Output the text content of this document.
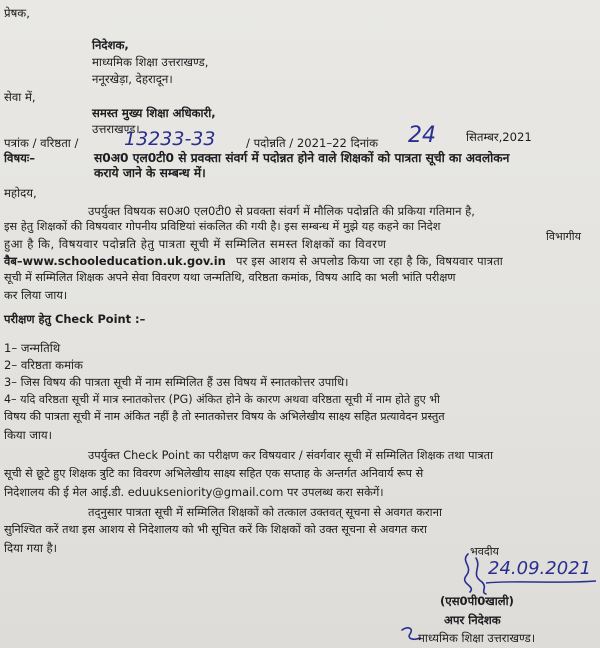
प्रेषक,
निदेशक,
माध्यमिक शिक्षा उत्तराखण्ड,
ननूरखेड़ा, देहरादून।
सेवा में,
समस्त मुख्य शिक्षा अधिकारी,
उत्तराखण्ड।
पत्रांक / वरिष्ठता / 13233-33	/ पदोन्नति / 2021–22 दिनांक 24	सितम्बर,2021
विषयः–	स0अ0 एल0टी0 से प्रवक्ता संवर्ग में पदोन्नत होने वाले शिक्षकों को पात्रता सूची का अवलोकन
कराये जाने के सम्बन्ध में।
महोदय,
उपर्युक्त विषयक स0अ0 एल0टी0 से प्रवक्ता संवर्ग में मौलिक पदोन्नति की प्रकिया गतिमान है,
इस हेतु शिक्षकों की विषयवार गोपनीय प्रविष्टियां संकलित की गयी है। इस सम्बन्ध में मुझे यह कहने का निदेश
हुआ है कि, विषयवार पदोन्नति हेतु पात्रता सूची में सम्मिलित समस्त शिक्षकों का विवरण
विभागीय
वैब–www.schooleducation.uk.gov.in पर इस आशय से अपलोड किया जा रहा है कि, विषयवार पात्रता
सूची में सम्मिलित शिक्षक अपने सेवा विवरण यथा जन्मतिथि, वरिष्ठता कमांक, विषय आदि का भली भांति परीक्षण
कर लिया जाय।
परीक्षण हेतु Check Point :–
1– जन्मतिथि
2– वरिष्ठता कमांक
3– जिस विषय की पात्रता सूची में नाम सम्मिलित हैं उस विषय में स्नातकोत्तर उपाधि।
4– यदि वरिष्ठता सूची में मात्र स्नातकोत्तर (PG) अंकित होने के कारण अथवा वरिष्ठता सूची में नाम होते हुए भी
विषय की पात्रता सूची में नाम अंकित नहीं है तो स्नातकोत्तर विषय के अभिलेखीय साक्ष्य सहित प्रत्यावेदन प्रस्तुत
किया जाय।
उपर्युक्त Check Point का परीक्षण कर विषयवार / संवर्गवार सूची में सम्मिलित शिक्षक तथा पात्रता
सूची से छूटे हुए शिक्षक त्रुटि का विवरण अभिलेखीय साक्ष्य सहित एक सप्ताह के अन्तर्गत अनिवार्य रूप से
निदेशालय की ई मेल आई.डी. eduukseniority@gmail.com पर उपलब्ध करा सकेगें।
तद्नुसार पात्रता सूची में सम्मिलित शिक्षकों को तत्काल उक्तवत् सूचना से अवगत कराना
सुनिश्चित करें तथा इस आशय से निदेशालय को भी सूचित करें कि शिक्षकों को उक्त सूचना से अवगत करा
दिया गया है।	भवदीय
24.09.2021
(एस0पी0खाली)
अपर निदेशक
माध्यमिक शिक्षा उत्तराखण्ड।
